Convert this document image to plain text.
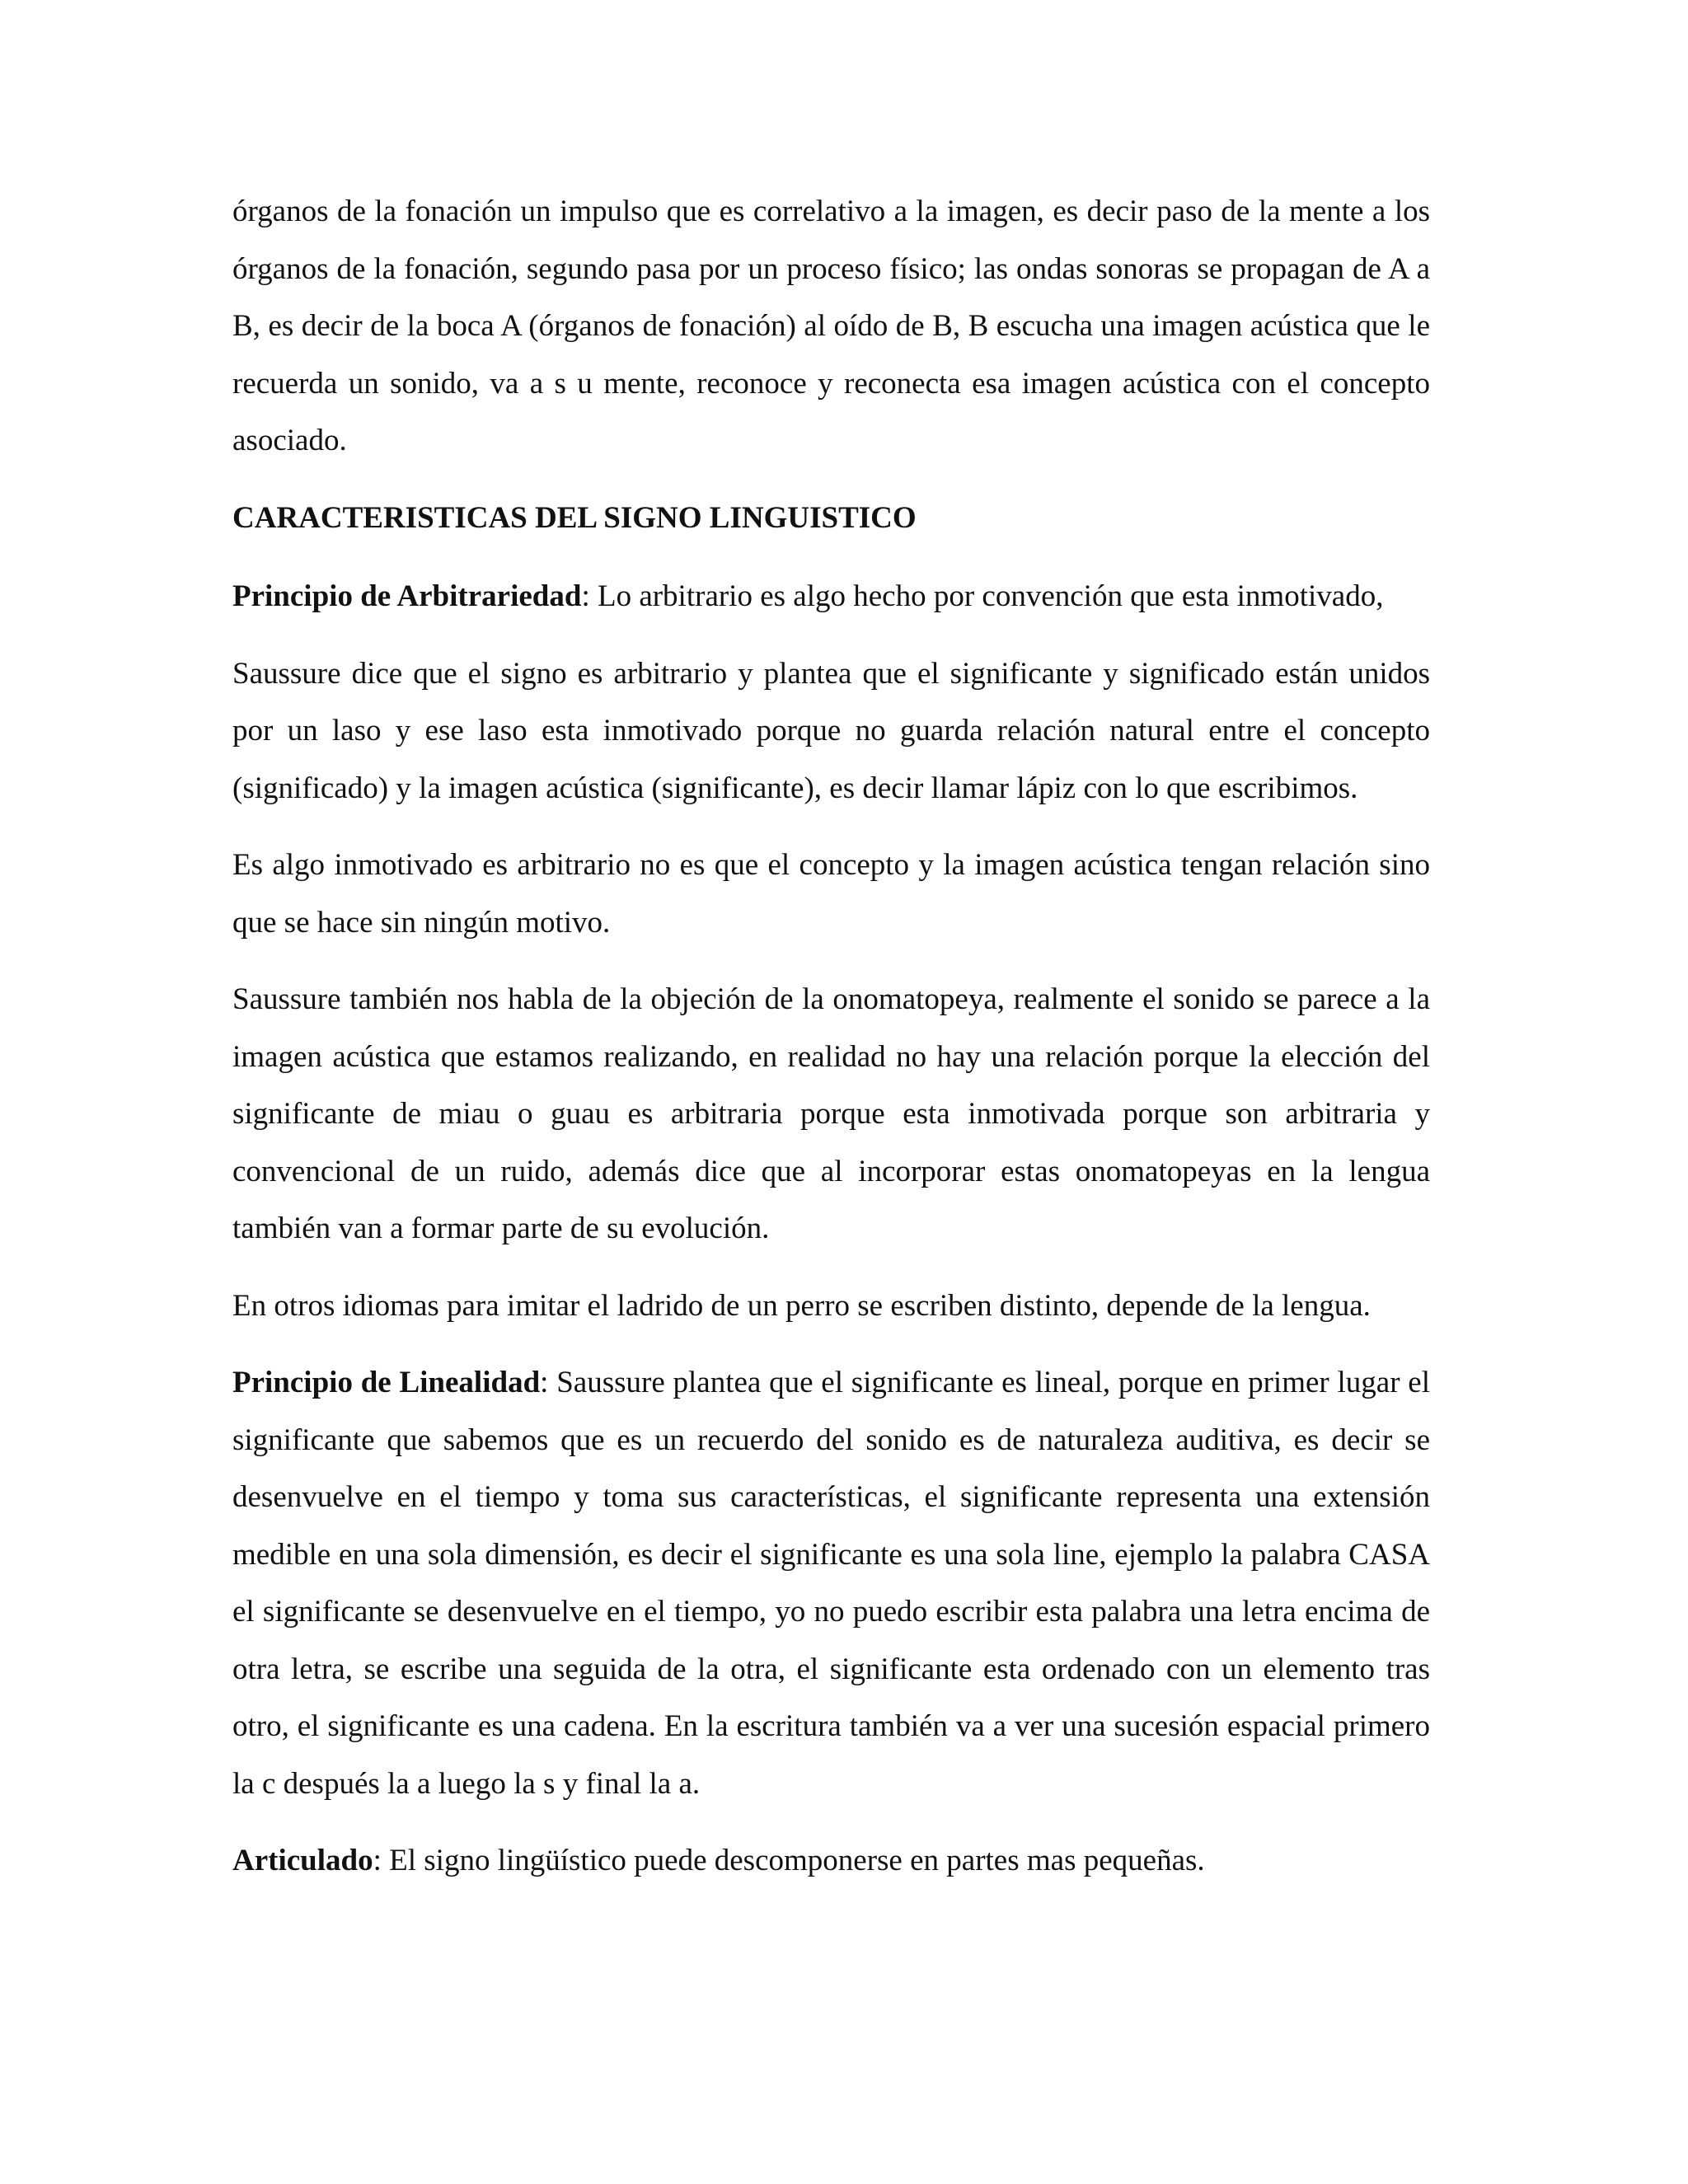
órganos de la fonación un impulso que es correlativo a la imagen, es decir paso de la mente a los órganos de la fonación, segundo pasa por un proceso físico; las ondas sonoras se propagan de A a B, es decir de la boca A (órganos de fonación) al oído de B, B escucha una imagen acústica que le recuerda un sonido, va a s u mente, reconoce y reconecta esa imagen acústica con el concepto asociado.

CARACTERISTICAS DEL SIGNO LINGUISTICO

Principio de Arbitrariedad: Lo arbitrario es algo hecho por convención que esta inmotivado,

Saussure dice que el signo es arbitrario y plantea que el significante y significado están unidos por un laso y ese laso esta inmotivado porque no guarda relación natural entre el concepto (significado) y la imagen acústica (significante), es decir llamar lápiz con lo que escribimos.

Es algo inmotivado es arbitrario no es que el concepto y la imagen acústica tengan relación sino que se hace sin ningún motivo.

Saussure también nos habla de la objeción de la onomatopeya, realmente el sonido se parece a la imagen acústica que estamos realizando, en realidad no hay una relación porque la elección del significante de miau o guau es arbitraria porque esta inmotivada porque son arbitraria y convencional de un ruido, además dice que al incorporar estas onomatopeyas en la lengua también van a formar parte de su evolución.

En otros idiomas para imitar el ladrido de un perro se escriben distinto, depende de la lengua.

Principio de Linealidad: Saussure plantea que el significante es lineal, porque en primer lugar el significante que sabemos que es un recuerdo del sonido es de naturaleza auditiva, es decir se desenvuelve en el tiempo y toma sus características, el significante representa una extensión medible en una sola dimensión, es decir el significante es una sola line, ejemplo la palabra CASA el significante se desenvuelve en el tiempo, yo no puedo escribir esta palabra una letra encima de otra letra, se escribe una seguida de la otra, el significante esta ordenado con un elemento tras otro, el significante es una cadena. En la escritura también va a ver una sucesión espacial primero la c después la a luego la s y final la a.

Articulado: El signo lingüístico puede descomponerse en partes mas pequeñas.
